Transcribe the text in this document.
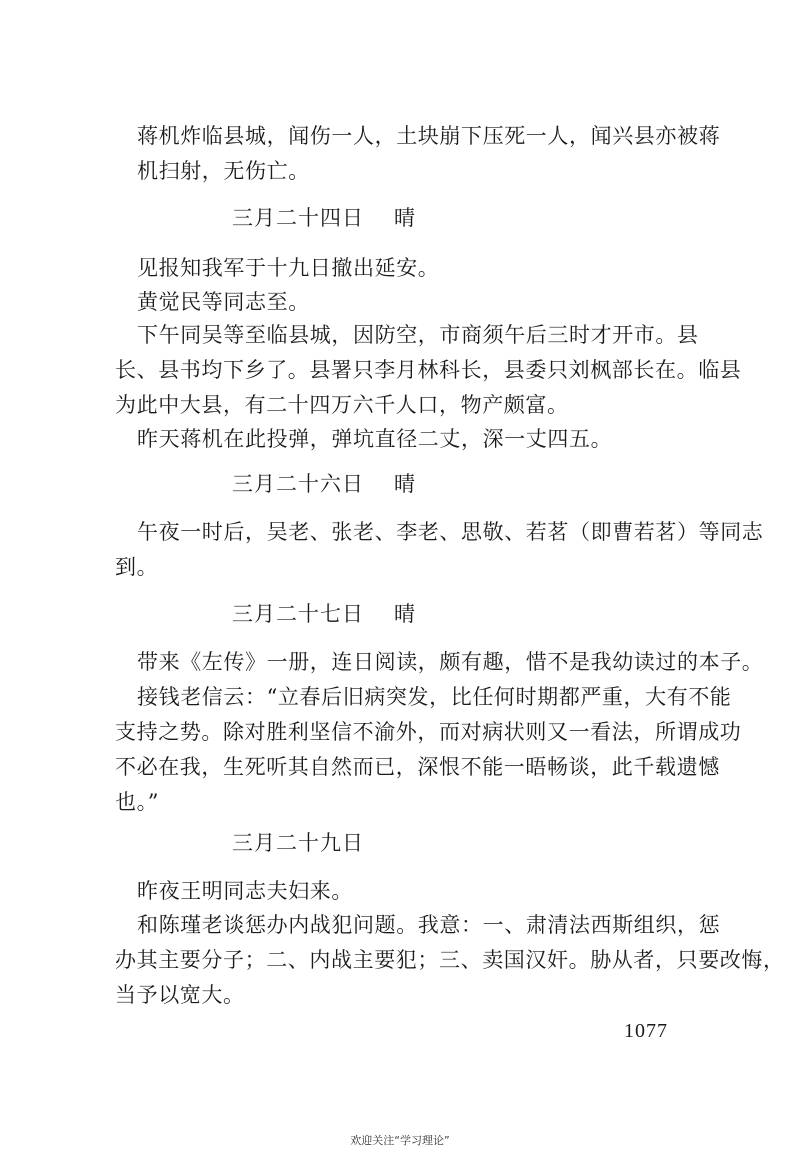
蒋机炸临县城，闻伤一人，土块崩下压死一人，闻兴县亦被蒋
机扫射，无伤亡。

三月二十四日 晴

见报知我军于十九日撤出延安。

黄觉民等同志至。

下午同吴等至临县城，因防空，市商须午后三时才开市。县
长、县书均下乡了。县署只李月林科长，县委只刘枫部长在。临县
为此中大县，有二十四万六千人口，物产颇富。

昨天蒋机在此投弹，弹坑直径二丈，深一丈四五。

三月二十六日 晴

午夜一时后，吴老、张老、李老、思敬、若茗（即曹若茗）等同志
到。

三月二十七日 晴

带来《左传》一册，连日阅读，颇有趣，惜不是我幼读过的本子。

接钱老信云：“立春后旧病突发，比任何时期都严重，大有不能
支持之势。除对胜利坚信不渝外，而对病状则又一看法，所谓成功
不必在我，生死听其自然而已，深恨不能一晤畅谈，此千载遗憾
也。”

三月二十九日

昨夜王明同志夫妇来。

和陈瑾老谈惩办内战犯问题。我意：一、肃清法西斯组织，惩
办其主要分子；二、内战主要犯；三、卖国汉奸。胁从者，只要改悔，
当予以宽大。

1077
欢迎关注“学习理论”
